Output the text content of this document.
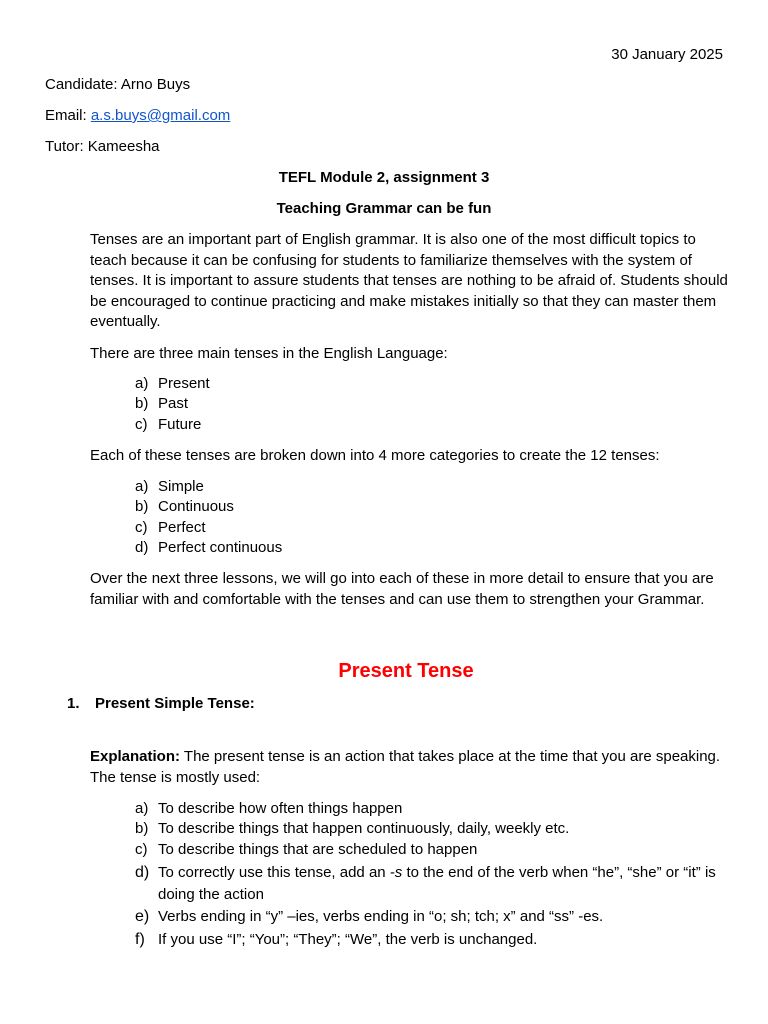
30 January 2025
Candidate: Arno Buys
Email: a.s.buys@gmail.com
Tutor: Kameesha
TEFL Module 2, assignment 3
Teaching Grammar can be fun
Tenses are an important part of English grammar. It is also one of the most difficult topics to teach because it can be confusing for students to familiarize themselves with the system of tenses. It is important to assure students that tenses are nothing to be afraid of. Students should be encouraged to continue practicing and make mistakes initially so that they can master them eventually.
There are three main tenses in the English Language:
a) Present
b) Past
c) Future
Each of these tenses are broken down into 4 more categories to create the 12 tenses:
a) Simple
b) Continuous
c) Perfect
d) Perfect continuous
Over the next three lessons, we will go into each of these in more detail to ensure that you are familiar with and comfortable with the tenses and can use them to strengthen your Grammar.
Present Tense
1. Present Simple Tense:
Explanation: The present tense is an action that takes place at the time that you are speaking. The tense is mostly used:
a) To describe how often things happen
b) To describe things that happen continuously, daily, weekly etc.
c) To describe things that are scheduled to happen
d) To correctly use this tense, add an -s to the end of the verb when “he”, “she” or “it” is doing the action
e) Verbs ending in “y” –ies, verbs ending in “o; sh; tch; x” and “ss” -es.
f) If you use “I”; “You”; “They”; “We”, the verb is unchanged.
